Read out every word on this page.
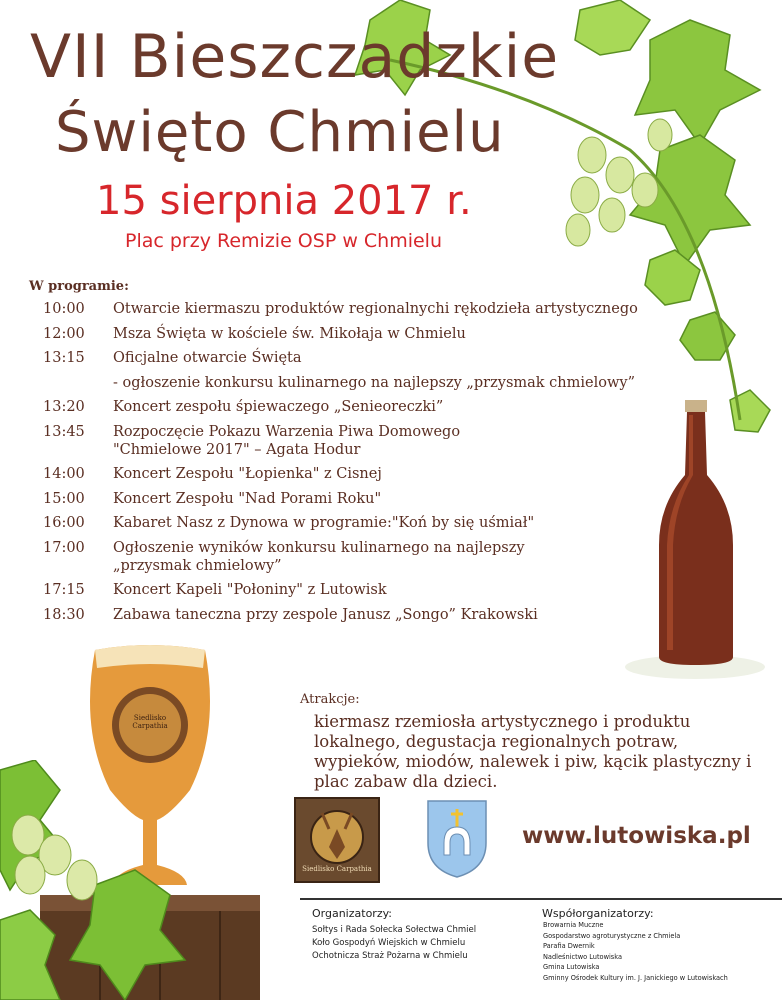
Siedlisko Carpathia
VII Bieszczadzkie
Święto Chmielu
15 sierpnia 2017 r.
Plac przy Remizie OSP w Chmielu
W programie:
10:00	Otwarcie kiermaszu produktów regionalnychi rękodzieła artystycznego
12:00	Msza Święta w kościele św. Mikołaja w Chmielu
13:15	Oficjalne otwarcie Święta
- ogłoszenie konkursu kulinarnego na najlepszy „przysmak chmielowy”
13:20	Koncert zespołu śpiewaczego „Senieoreczki”
13:45	Rozpoczęcie Pokazu Warzenia Piwa Domowego
"Chmielowe 2017" – Agata Hodur
14:00	Koncert Zespołu "Łopienka" z Cisnej
15:00	Koncert Zespołu "Nad Porami Roku"
16:00	Kabaret Nasz z Dynowa w programie:"Koń by się uśmiał"
17:00	Ogłoszenie wyników konkursu kulinarnego na najlepszy
„przysmak chmielowy”
17:15	Koncert Kapeli "Połoniny" z Lutowisk
18:30	Zabawa taneczna przy zespole Janusz „Songo” Krakowski
Atrakcje:
kiermasz rzemiosła artystycznego i produktu lokalnego, degustacja regionalnych potraw, wypieków, miodów, nalewek i piw, kącik plastyczny i plac zabaw dla dzieci.
Siedlisko Carpathia
www.lutowiska.pl
Organizatorzy:
Sołtys i Rada Sołecka Sołectwa Chmiel
Koło Gospodyń Wiejskich w Chmielu
Ochotnicza Straż Pożarna w Chmielu
Współorganizatorzy:
Browarnia Muczne
Gospodarstwo agroturystyczne z Chmiela
Parafia Dwernik
Nadleśnictwo Lutowiska
Gmina Lutowiska
Gminny Ośrodek Kultury im. J. Janickiego w Lutowiskach
